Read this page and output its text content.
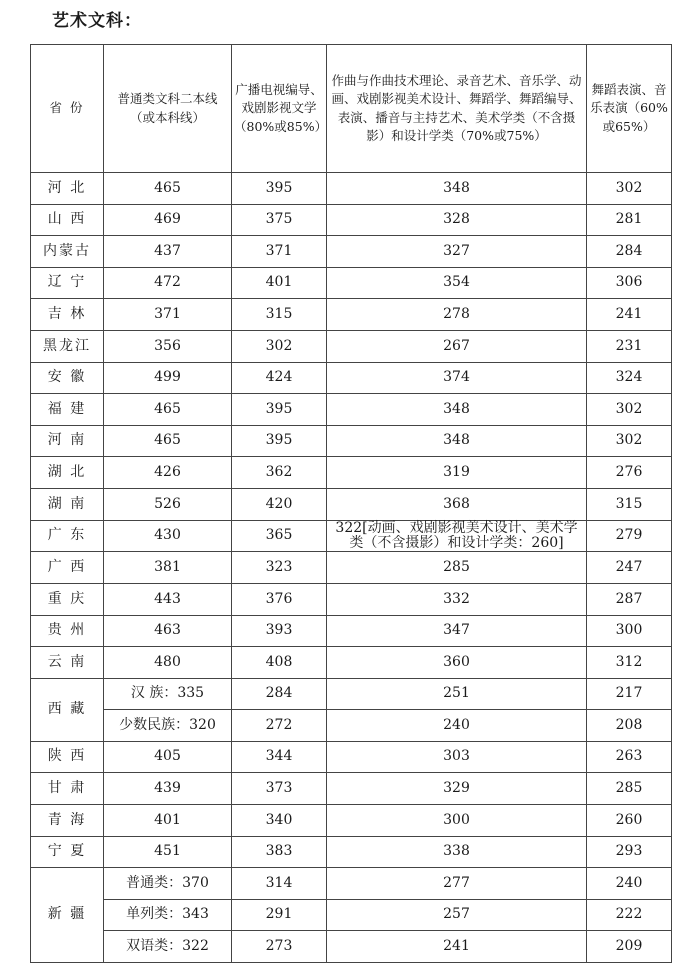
艺术文科：
省 份	普通类文科二本线（或本科线）	广播电视编导、戏剧影视文学（80%或85%）	作曲与作曲技术理论、录音艺术、音乐学、动画、戏剧影视美术设计、舞蹈学、舞蹈编导、表演、播音与主持艺术、美术学类（不含摄影）和设计学类（70%或75%）	舞蹈表演、音乐表演（60%或65%）
河 北	465	395	348	302
山 西	469	375	328	281
内蒙古	437	371	327	284
辽 宁	472	401	354	306
吉 林	371	315	278	241
黑龙江	356	302	267	231
安 徽	499	424	374	324
福 建	465	395	348	302
河 南	465	395	348	302
湖 北	426	362	319	276
湖 南	526	420	368	315
广 东	430	365	322[动画、戏剧影视美术设计、美术学类（不含摄影）和设计学类：260]	279
广 西	381	323	285	247
重 庆	443	376	332	287
贵 州	463	393	347	300
云 南	480	408	360	312
西 藏	汉 族：335	284	251	217
	少数民族：320	272	240	208
陕 西	405	344	303	263
甘 肃	439	373	329	285
青 海	401	340	300	260
宁 夏	451	383	338	293
新 疆	普通类：370	314	277	240
	单列类：343	291	257	222
	双语类：322	273	241	209
